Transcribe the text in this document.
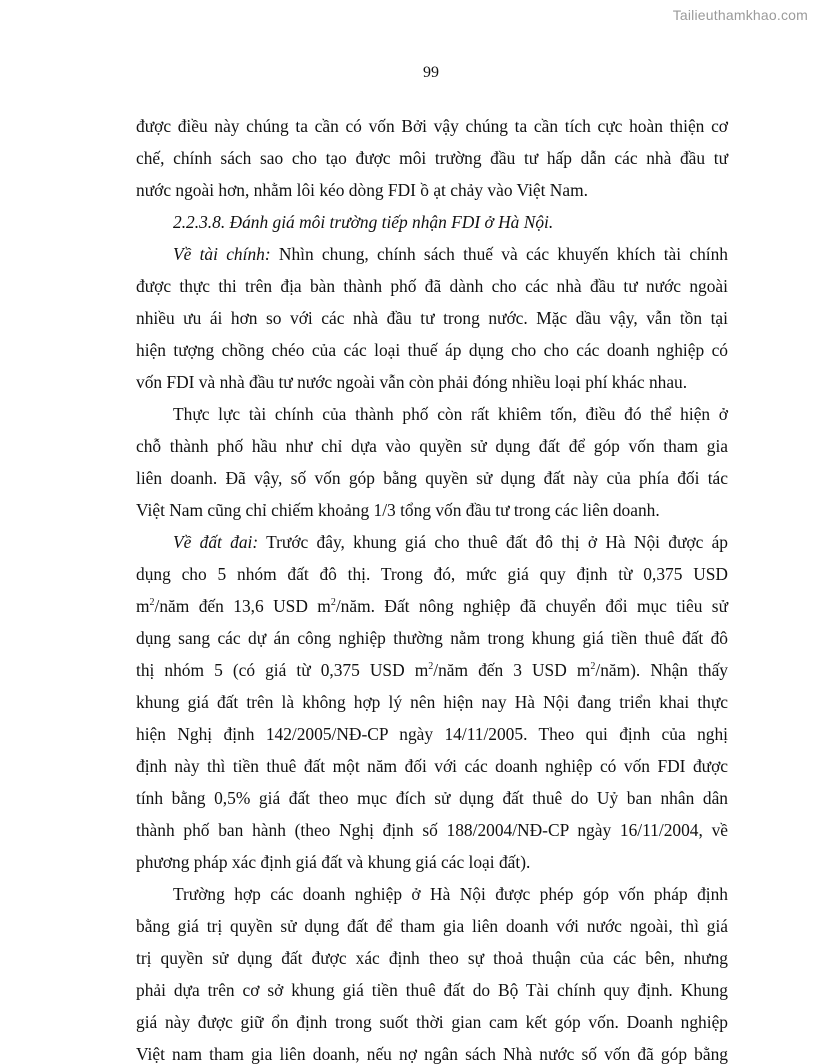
Tailieuthamkhao.com
99
được điều này chúng ta cần có vốn Bởi vậy chúng ta cần tích cực hoàn thiện cơ
chế, chính sách sao cho tạo được môi trường đầu tư hấp dẫn các nhà đầu tư
nước ngoài hơn, nhằm lôi kéo dòng FDI ồ ạt chảy vào Việt Nam.
2.2.3.8. Đánh giá môi trường tiếp nhận FDI ở Hà Nội.
Về tài chính: Nhìn chung, chính sách thuế và các khuyến khích tài chính
được thực thi trên địa bàn thành phố đã dành cho các nhà đầu tư nước ngoài
nhiều ưu ái hơn so với các nhà đầu tư trong nước. Mặc dầu vậy, vẫn tồn tại
hiện tượng chồng chéo của các loại thuế áp dụng cho cho các doanh nghiệp có
vốn FDI và nhà đầu tư nước ngoài vẫn còn phải đóng nhiều loại phí khác nhau.
Thực lực tài chính của thành phố còn rất khiêm tốn, điều đó thể hiện ở
chỗ thành phố hầu như chỉ dựa vào quyền sử dụng đất để góp vốn tham gia
liên doanh. Đã vậy, số vốn góp bằng quyền sử dụng đất này của phía đối tác
Việt Nam cũng chỉ chiếm khoảng 1/3 tổng vốn đầu tư trong các liên doanh.
Về đất đai: Trước đây, khung giá cho thuê đất đô thị ở Hà Nội được áp
dụng cho 5 nhóm đất đô thị. Trong đó, mức giá quy định từ 0,375 USD
$m^2$/năm đến 13,6 USD $m^2$/năm. Đất nông nghiệp đã chuyển đổi mục tiêu sử
dụng sang các dự án công nghiệp thường nằm trong khung giá tiền thuê đất đô
thị nhóm 5 (có giá từ 0,375 USD $m^2$/năm đến 3 USD $m^2/năm$). Nhận thấy
khung giá đất trên là không hợp lý nên hiện nay Hà Nội đang triển khai thực
hiện Nghị định 142/2005/NĐ-CP ngày 14/11/2005. Theo qui định của nghị
định này thì tiền thuê đất một năm đối với các doanh nghiệp có vốn FDI được
tính bằng 0,5% giá đất theo mục đích sử dụng đất thuê do Uỷ ban nhân dân
thành phố ban hành (theo Nghị định số 188/2004/NĐ-CP ngày 16/11/2004, về
phương pháp xác định giá đất và khung giá các loại đất).
Trường hợp các doanh nghiệp ở Hà Nội được phép góp vốn pháp định
bằng giá trị quyền sử dụng đất để tham gia liên doanh với nước ngoài, thì giá
trị quyền sử dụng đất được xác định theo sự thoả thuận của các bên, nhưng
phải dựa trên cơ sở khung giá tiền thuê đất do Bộ Tài chính quy định. Khung
giá này được giữ ổn định trong suốt thời gian cam kết góp vốn. Doanh nghiệp
Việt nam tham gia liên doanh, nếu nợ ngân sách Nhà nước số vốn đã góp bằng
